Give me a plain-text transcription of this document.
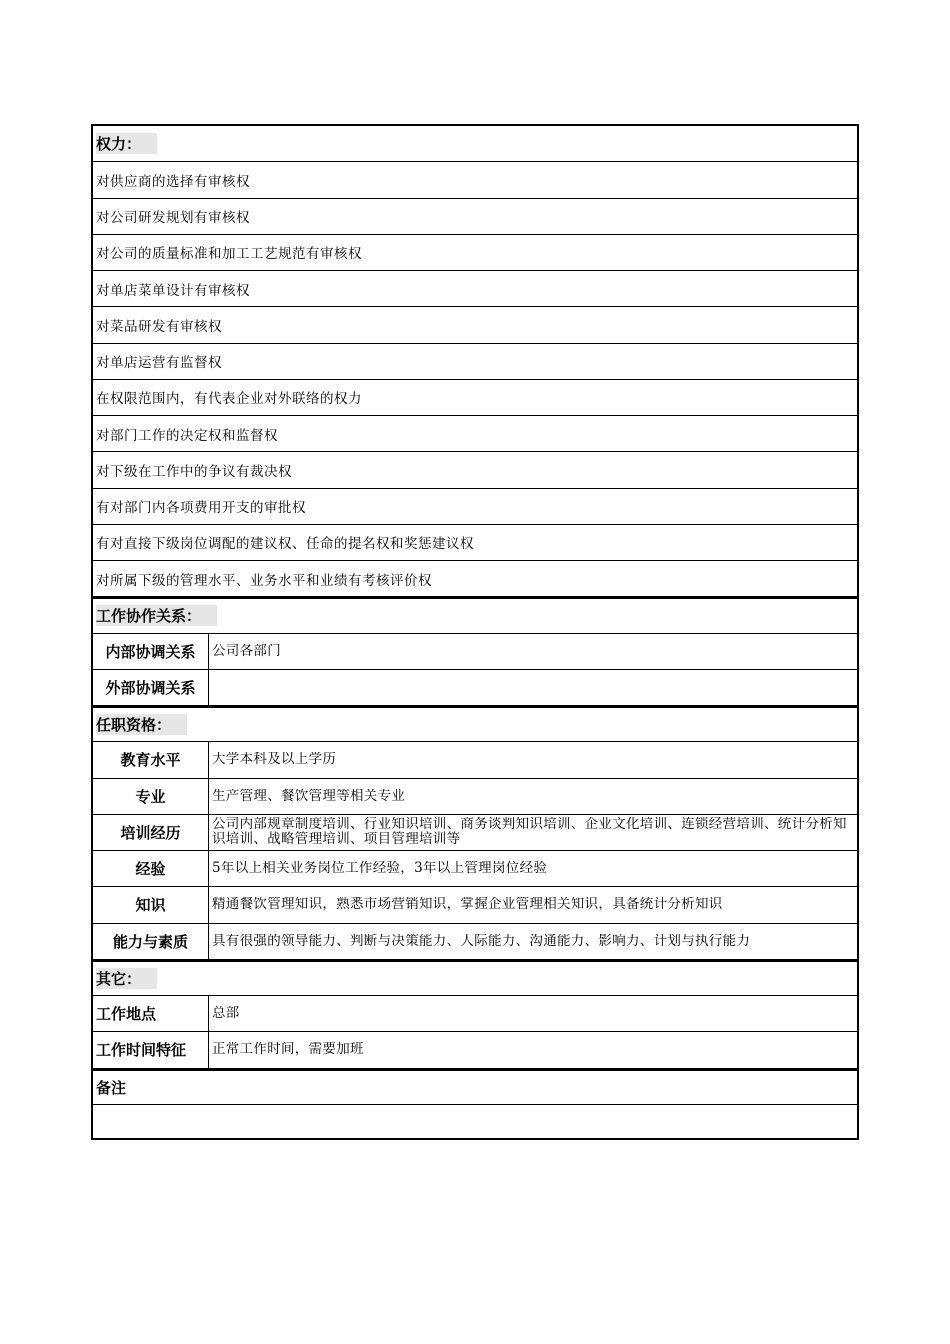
权力：
对供应商的选择有审核权
对公司研发规划有审核权
对公司的质量标准和加工工艺规范有审核权
对单店菜单设计有审核权
对菜品研发有审核权
对单店运营有监督权
在权限范围内，有代表企业对外联络的权力
对部门工作的决定权和监督权
对下级在工作中的争议有裁决权
有对部门内各项费用开支的审批权
有对直接下级岗位调配的建议权、任命的提名权和奖惩建议权
对所属下级的管理水平、业务水平和业绩有考核评价权
工作协作关系：
内部协调关系	公司各部门
外部协调关系
任职资格：
教育水平	大学本科及以上学历
专业	生产管理、餐饮管理等相关专业
培训经历	公司内部规章制度培训、行业知识培训、商务谈判知识培训、企业文化培训、连锁经营培训、统计分析知识培训、战略管理培训、项目管理培训等
经验	5年以上相关业务岗位工作经验，3年以上管理岗位经验
知识	精通餐饮管理知识，熟悉市场营销知识，掌握企业管理相关知识，具备统计分析知识
能力与素质	具有很强的领导能力、判断与决策能力、人际能力、沟通能力、影响力、计划与执行能力
其它：
工作地点	总部
工作时间特征	正常工作时间，需要加班
备注
